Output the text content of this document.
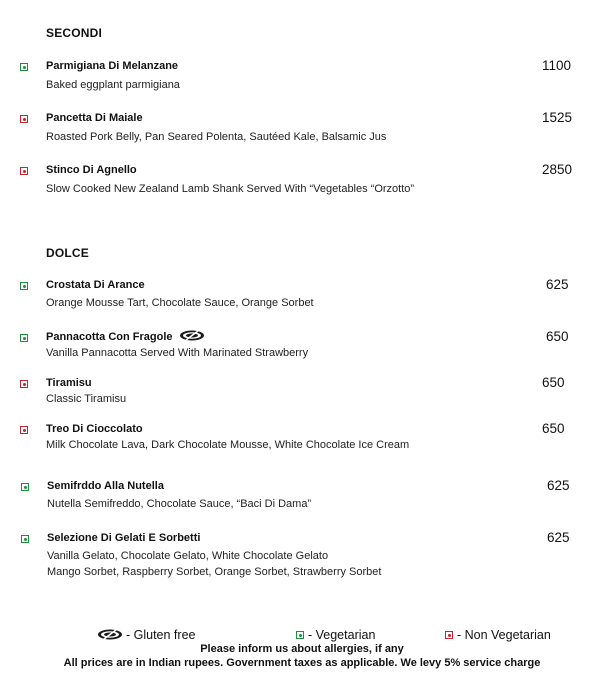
SECONDI
Parmigiana Di Melanzane	1100
Baked eggplant parmigiana
Pancetta Di Maiale	1525
Roasted Pork Belly, Pan Seared Polenta, Sautéed Kale, Balsamic Jus
Stinco Di Agnello	2850
Slow Cooked New Zealand Lamb Shank Served With “Vegetables “Orzotto”
DOLCE
Crostata Di Arance	625
Orange Mousse Tart, Chocolate Sauce, Orange Sorbet
Pannacotta Con Fragole	650
Vanilla Pannacotta Served With Marinated Strawberry
Tiramisu	650
Classic Tiramisu
Treo Di Cioccolato	650
Milk Chocolate Lava, Dark Chocolate Mousse, White Chocolate Ice Cream
Semifrddo Alla Nutella	625
Nutella Semifreddo, Chocolate Sauce, “Baci Di Dama”
Selezione Di Gelati E Sorbetti	625
Vanilla Gelato, Chocolate Gelato, White Chocolate Gelato
Mango Sorbet, Raspberry Sorbet, Orange Sorbet, Strawberry Sorbet
- Gluten free	- Vegetarian	- Non Vegetarian
Please inform us about allergies, if any
All prices are in Indian rupees. Government taxes as applicable. We levy 5% service charge
